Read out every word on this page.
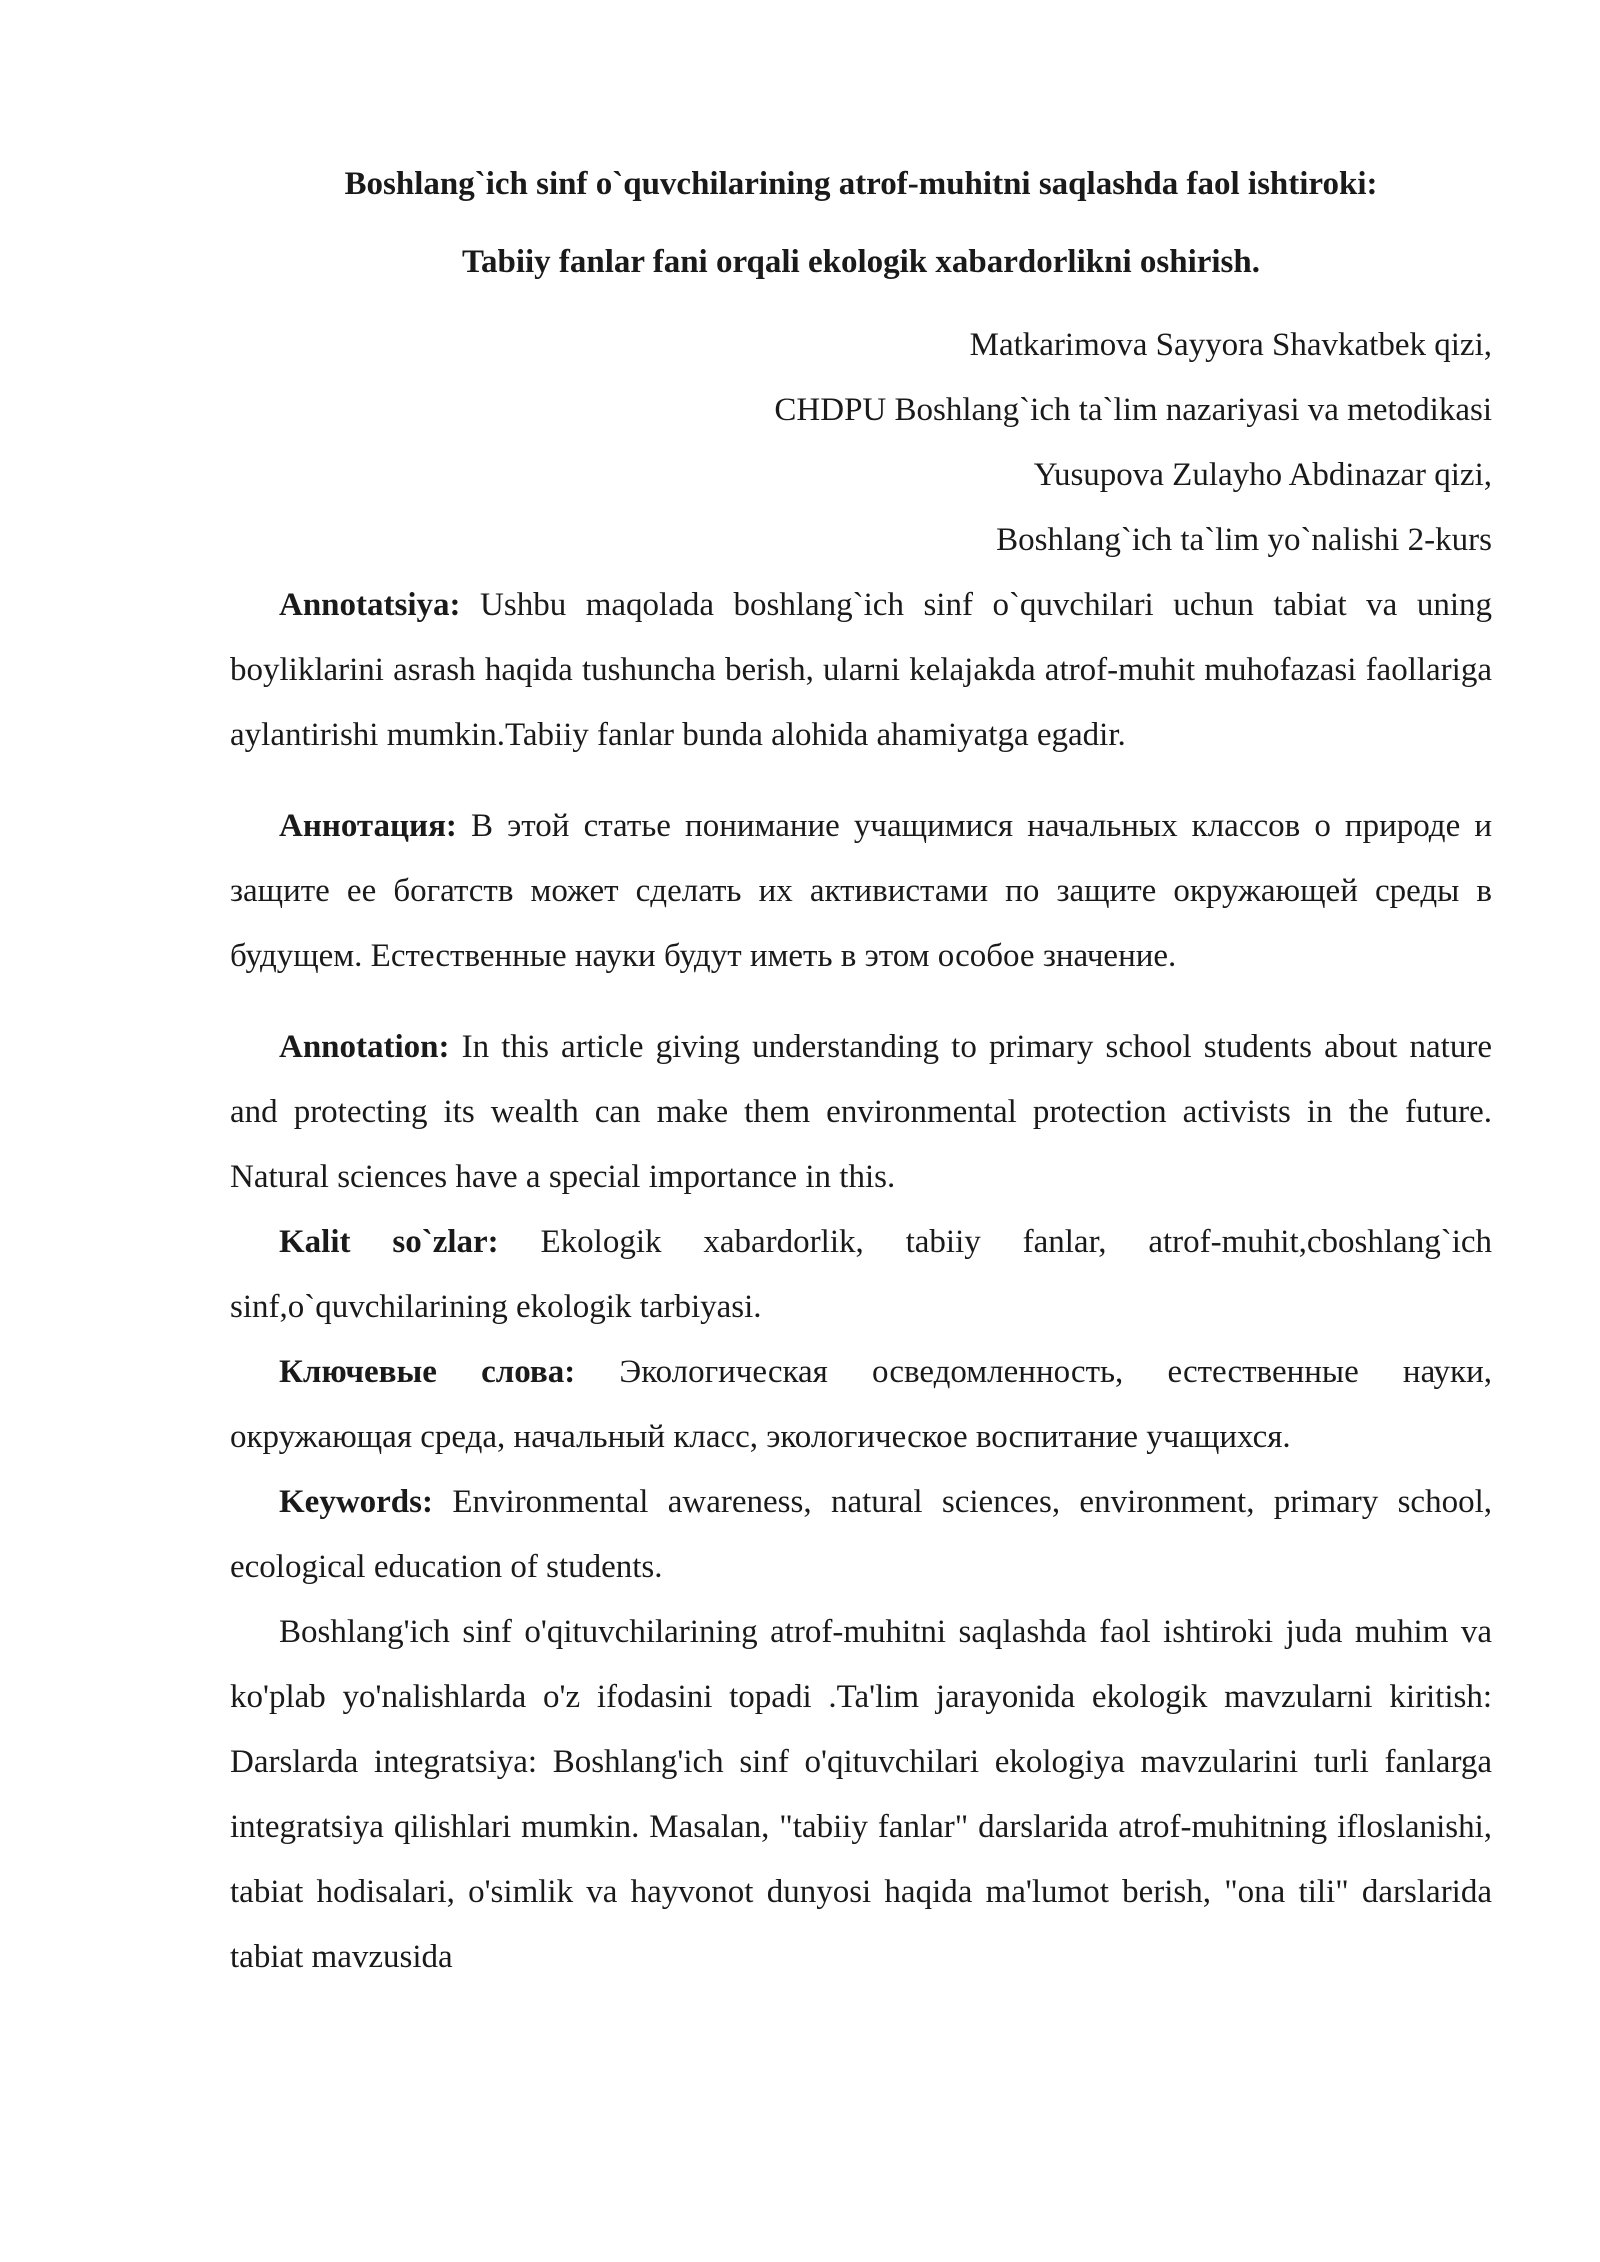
Boshlang`ich sinf o`quvchilarining atrof-muhitni saqlashda faol ishtiroki:
Tabiiy fanlar fani orqali ekologik xabardorlikni oshirish.
Matkarimova Sayyora Shavkatbek qizi,
CHDPU Boshlang`ich ta`lim nazariyasi va metodikasi
Yusupova Zulayho Abdinazar qizi,
Boshlang`ich ta`lim yo`nalishi 2-kurs

Annotatsiya: Ushbu maqolada boshlang`ich sinf o`quvchilari uchun tabiat va uning boyliklarini asrash haqida tushuncha berish, ularni kelajakda atrof-muhit muhofazasi faollariga aylantirishi mumkin.Tabiiy fanlar bunda alohida ahamiyatga egadir.

Аннотация: В этой статье понимание учащимися начальных классов о природе и защите ее богатств может сделать их активистами по защите окружающей среды в будущем. Естественные науки будут иметь в этом особое значение.

Annotation: In this article giving understanding to primary school students about nature and protecting its wealth can make them environmental protection activists in the future. Natural sciences have a special importance in this.

Kalit so`zlar: Ekologik xabardorlik, tabiiy fanlar, atrof-muhit,cboshlang`ich sinf,o`quvchilarining ekologik tarbiyasi.

Ключевые слова: Экологическая осведомленность, естественные науки, окружающая среда, начальный класс, экологическое воспитание учащихся.

Keywords: Environmental awareness, natural sciences, environment, primary school, ecological education of students.

Boshlang'ich sinf o'qituvchilarining atrof-muhitni saqlashda faol ishtiroki juda muhim va ko'plab yo'nalishlarda o'z ifodasini topadi .Ta'lim jarayonida ekologik mavzularni kiritish: Darslarda integratsiya: Boshlang'ich sinf o'qituvchilari ekologiya mavzularini turli fanlarga integratsiya qilishlari mumkin. Masalan, "tabiiy fanlar" darslarida atrof-muhitning ifloslanishi, tabiat hodisalari, o'simlik va hayvonot dunyosi haqida ma'lumot berish, "ona tili" darslarida tabiat mavzusida
